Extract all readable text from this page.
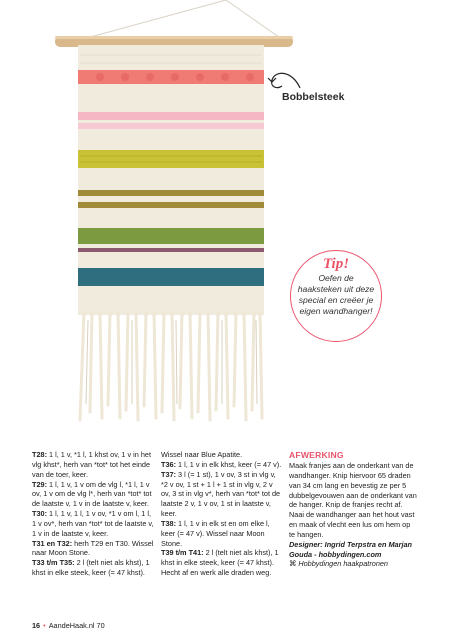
Bobbelsteek
Tip!
Oefen de haaksteken uit deze special en creëer je eigen wandhanger!

T28: 1 l, 1 v, *1 l, 1 khst ov, 1 v in het vlg khst*, herh van *tot* tot het einde van de toer, keer.

T29: 1 l, 1 v, 1 v om de vlg l, *1 l, 1 v ov, 1 v om de vlg l*, herh van *tot* tot de laatste v, 1 v in de laatste v, keer.

T30: 1 l, 1 v, 1 l, 1 v ov, *1 v om l, 1 l, 1 v ov*, herh van *tot* tot de laatste v, 1 v in de laatste v, keer.

T31 en T32: herh T29 en T30. Wissel naar Moon Stone.

T33 t/m T35: 2 l (telt niet als khst), 1 khst in elke steek, keer (= 47 khst).

Wissel naar Blue Apatite.

T36: 1 l, 1 v in elk khst, keer (= 47 v).

T37: 3 l (= 1 st), 1 v ov, 3 st in vlg v, *2 v ov, 1 st + 1 l + 1 st in vlg v, 2 v ov, 3 st in vlg v*, herh van *tot* tot de laatste 2 v, 1 v ov, 1 st in laatste v, keer.

T38: 1 l, 1 v in elk st en om elke l, keer (= 47 v). Wissel naar Moon Stone.

T39 t/m T41: 2 l (telt niet als khst), 1 khst in elke steek, keer (= 47 khst). Hecht af en werk alle draden weg.

AFWERKING

Maak franjes aan de onderkant van de wandhanger. Knip hiervoor 65 draden van 34 cm lang en bevestig ze per 5 dubbelgevouwen aan de onderkant van de hanger. Knip de franjes recht af. Naai de wandhanger aan het hout vast en maak of vlecht een lus om hem op te hangen.

Designer: Ingrid Terpstra en Marjan Gouda - hobbydingen.com

⌘ Hobbydingen haakpatronen

16 • AandeHaak.nl 70
